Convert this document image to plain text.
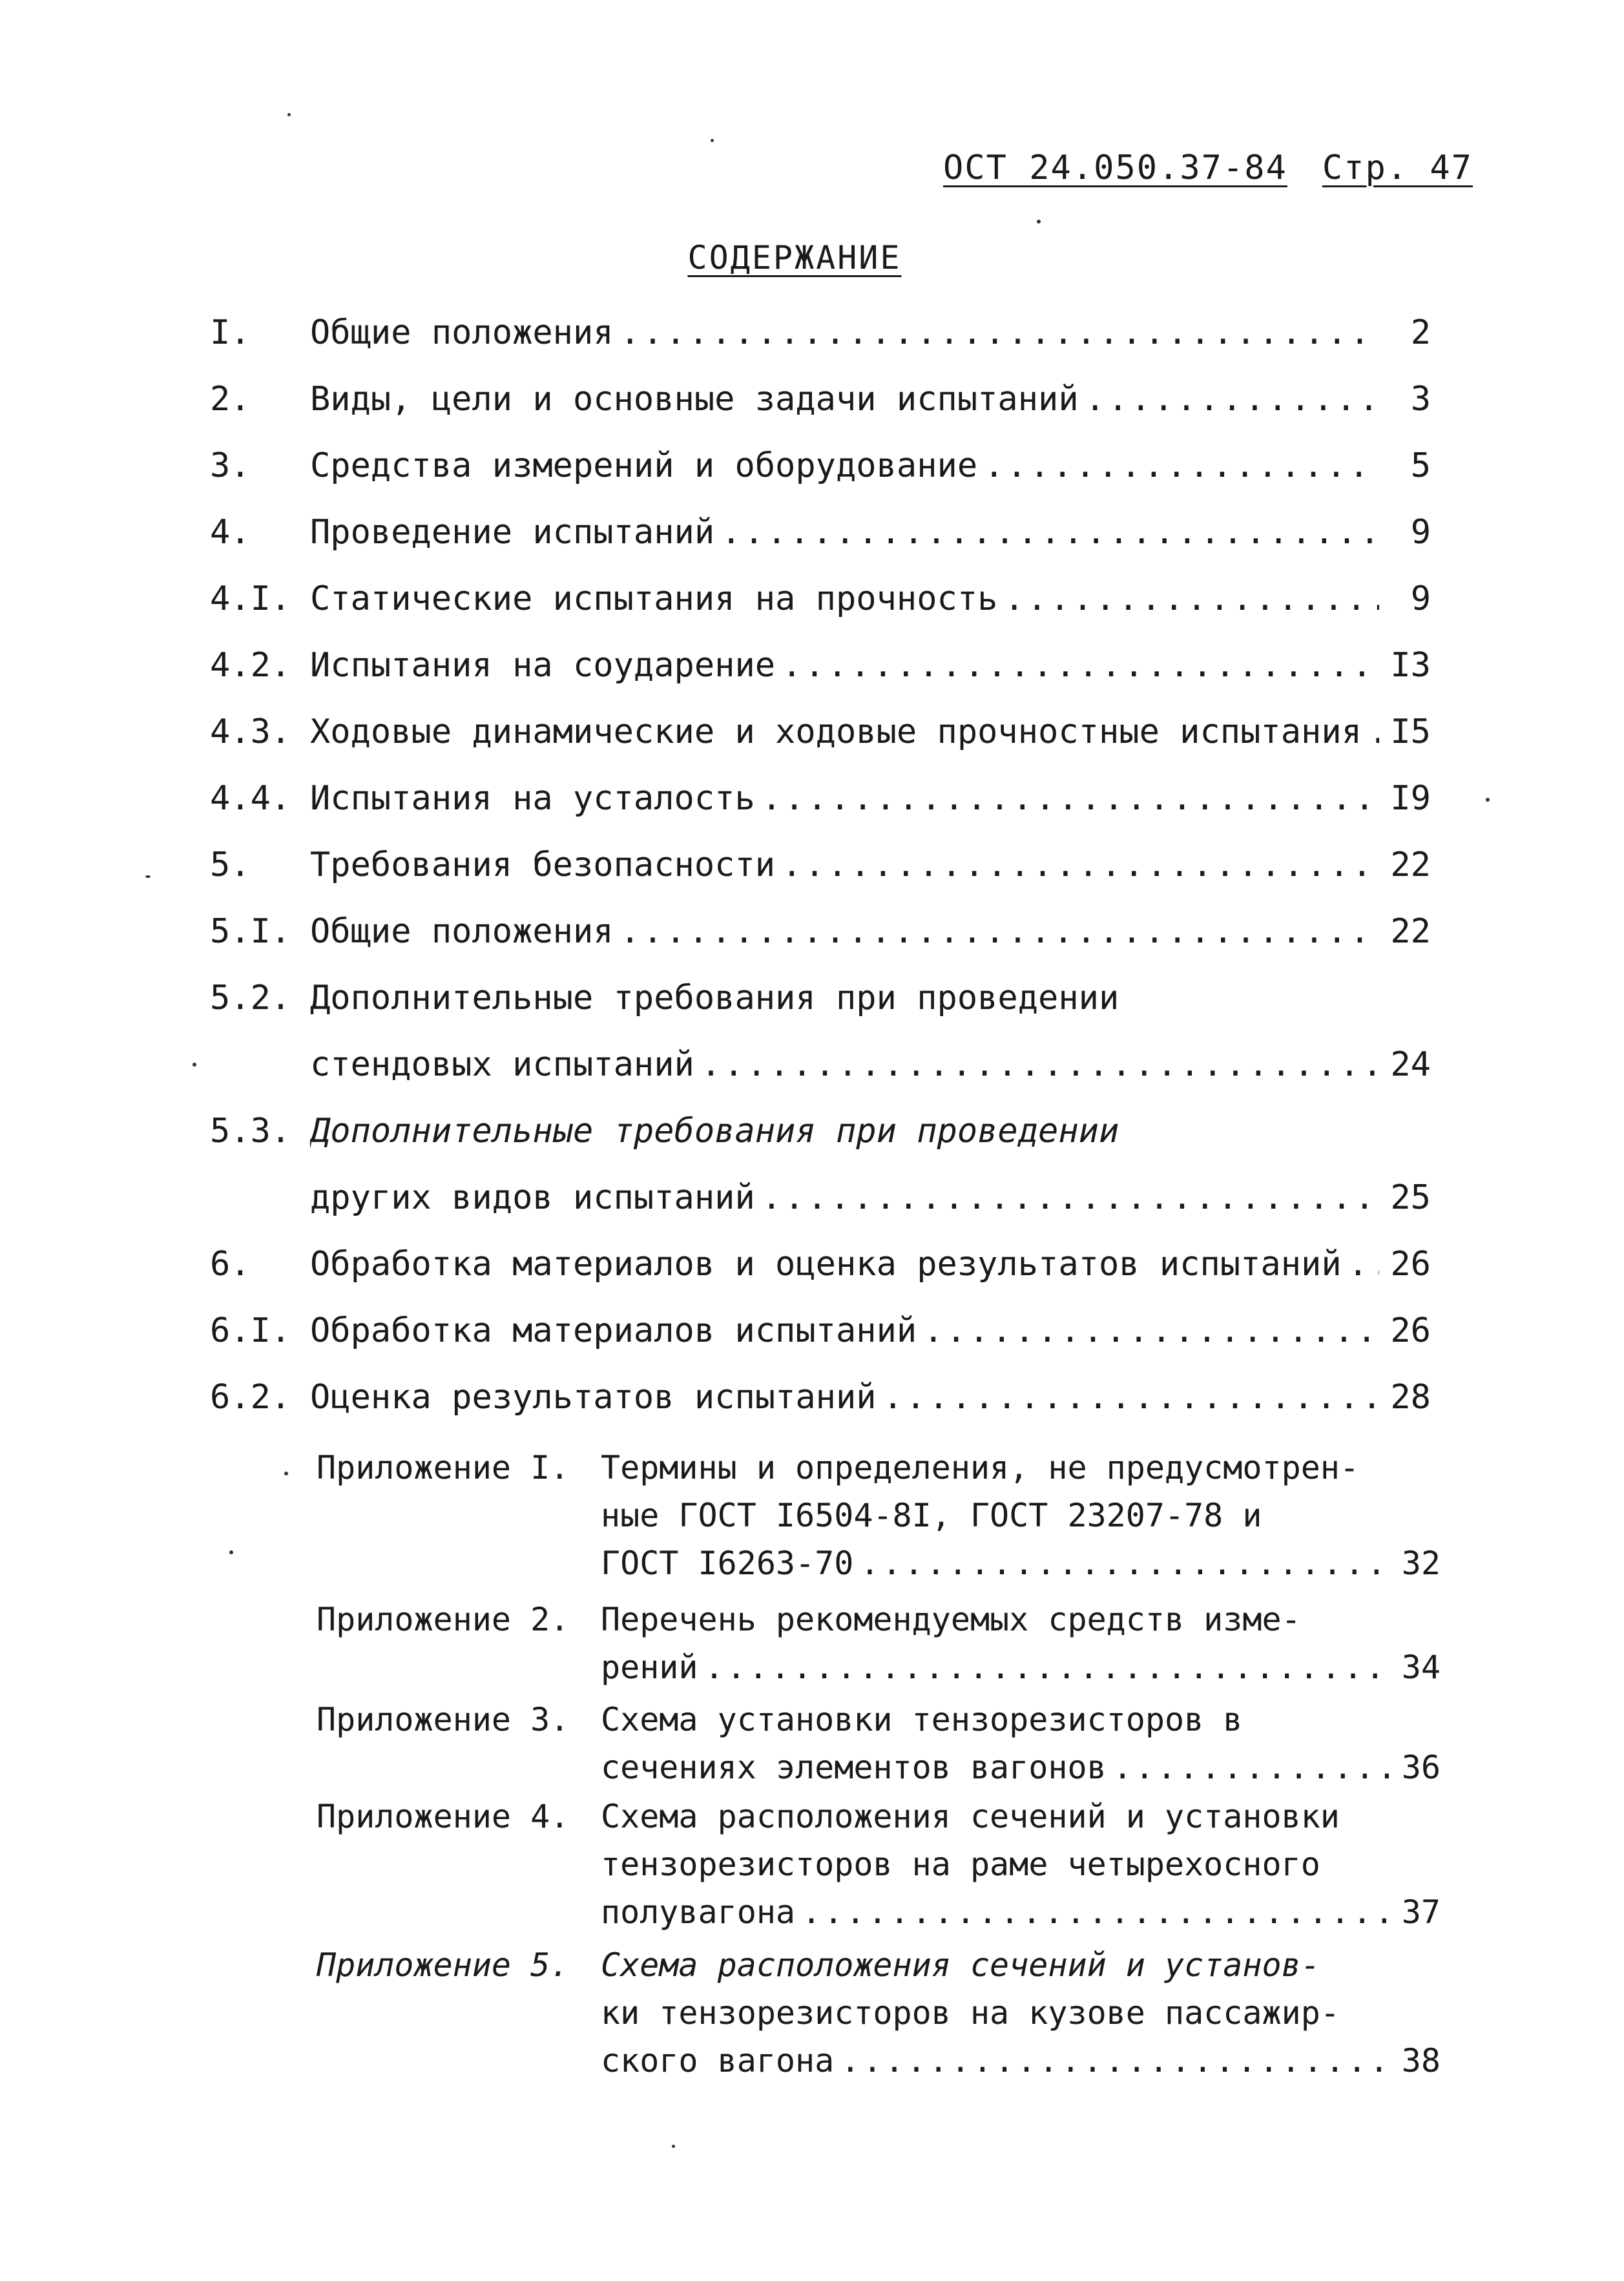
ОСТ 24.050.37-84 Стр. 47
СОДЕРЖАНИЕ
I.	Общие положения .....	2
2.	Виды, цели и основные задачи испытаний .....	3
3.	Средства измерений и оборудование .....	5
4.	Проведение испытаний .....	9
4.I. Статические испытания на прочность .....	9
4.2. Испытания на соударение .....	I3
4.3. Ходовые динамические и ходовые прочностные испытания ..... I5
4.4. Испытания на усталость .....	I9
5.	Требования безопасности .....	22
5.I. Общие положения .....	22
5.2. Дополнительные требования при проведении
стендовых испытаний .....	24
5.3. Дополнительные требования при проведении
других видов испытаний .....	25
6.	Обработка материалов и оценка результатов испытаний .....	26
6.I. Обработка материалов испытаний .....	26
6.2. Оценка результатов испытаний .....	28
Приложение I. Термины и определения, не предусмотрен-
ные ГОСТ I6504-8I, ГОСТ 23207-78 и
ГОСТ I6263-70 .....	32
Приложение 2. Перечень рекомендуемых средств изме-
рений .....	34
Приложение 3. Схема установки тензорезисторов в
сечениях элементов вагонов .....	36
Приложение 4. Схема расположения сечений и установки
тензорезисторов на раме четырехосного
полувагона .....	37
Приложение 5. Схема расположения сечений и установ-
ки тензорезисторов на кузове пассажир-
ского вагона .....	38
